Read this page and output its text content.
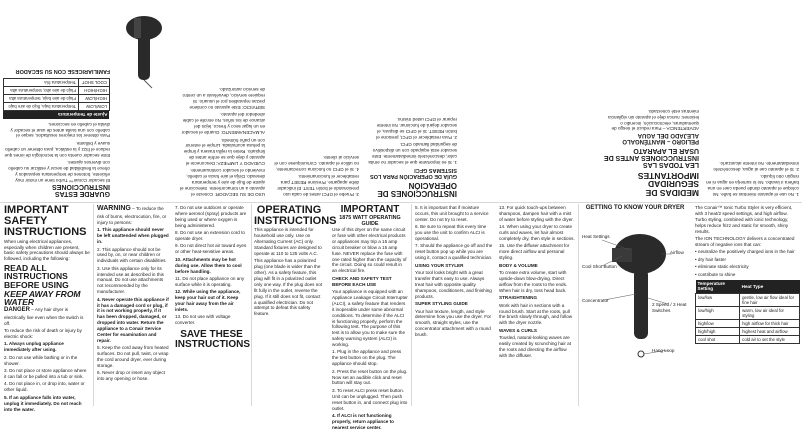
GUARDE ESTAS INSTRUCCIONES

El secador Conair™ Turbo tiene un motor muy eficiente, botones de temperatura separados y ofrece la flexibilidad de secar y estilizar su cabello con diversos ajustes.

Este secador cuenta con la tecnología de iones que reduce el frizz y la estática, para obtener un cabello suave y brillante.

Para obtener los mejores resultados, seque el cabello con una toalla antes de usar el secador y divida el cabello en secciones.

Ajuste de Temperatura	
LOW/LOW	Temperatura baja, flujo de aire bajo
HIGH/LOW	Flujo de aire bajo, temperatura alta
HIGH/HIGH	Flujo de aire alto, temperatura alta
COOL SHOT	Temperatura fría
FAMILIARICESE CON SU SECADOR

USO DE SU SECADOR: Conecte el aparato a un tomacorriente. Seleccione el ajuste de flujo de aire y temperatura deseado. Dirija el aire hacia el cabello, moviendo el secador continuamente.

CUIDADO Y LIMPIEZA: Desconecte el aparato y deje que se enfríe antes de limpiarlo. Retire la rejilla trasera y limpie la pelusa acumulada. Limpie el exterior con un paño húmedo.

ALMACENAMIENTO: Guarde el secador en un lugar seco y fresco, lejos del alcance de los niños. No enrolle el cable alrededor del aparato.

SERVICIO: Este aparato no contiene piezas reparables por el usuario. Si requiere servicio, devuélvalo a un centro de servicio autorizado.

3. Pruebe el GFCI antes de cada uso presionando el botón TEST. El indicador debe apagarse. Presione RESET para restablecer el funcionamiento.

4. Si el GFCI no funciona correctamente, no utilice el aparato. Comuníquese con el servicio al cliente.

INSTRUCCIONES DE OPERACIÓN
GUÍA DE OPERACIÓN PARA LOS SISTEMAS GFCI

1. Si es importante que el secador no emita calor, desconéctelo inmediatamente. Este secador está equipado con un dispositivo de seguridad llamado GFCI.

2. Para restablecer el GFCI, presione el botón RESET. Si el GFCI se dispara, el secador dejará de funcionar. No intente reparar el GFCI usted mismo.

1. No use el aparato mientras se bañe. No coloque el aparato donde pueda caer en una bañera o lavabo. No lo sumerja en agua ni en ningún otro líquido.

2. Si el aparato cae al agua, desconéctelo inmediatamente. No intente alcanzarlo.

MEDIDAS DE SEGURIDAD IMPORTANTES
LEA TODAS LAS INSTRUCCIONES ANTES DE USAR EL APARATO
PELIGRO – MANTÉNGALO ALEJADO DEL AGUA

ADVERTENCIA – Para reducir el riesgo de quemaduras, electrocución, incendio o lesiones: nunca deje el aparato sin vigilancia mientras esté conectado.

IMPORTANT SAFETY INSTRUCTIONS

When using electrical appliances, especially when children are present, basic safety precautions should always be followed, including the following:

READ ALL INSTRUCTIONS BEFORE USING
KEEP AWAY FROM WATER

DANGER – Any hair dryer is electrically live even when the switch is off.

To reduce the risk of death or injury by electric shock:

1. Always unplug appliance immediately after using.

2. Do not use while bathing or in the shower.

3. Do not place or store appliance where it can fall or be pulled into a tub or sink.

4. Do not place in, or drop into, water or other liquid.

5. If an appliance falls into water, unplug it immediately. Do not reach into the water.

WARNING – To reduce the risk of burns, electrocution, fire, or injury to persons:

1. This appliance should never be left unattended when plugged in.

2. This appliance should not be used by, on, or near children or individuals with certain disabilities.

3. Use this appliance only for its intended use as described in this manual. Do not use attachments not recommended by the manufacturer.

4. Never operate this appliance if it has a damaged cord or plug, if it is not working properly, if it has been dropped, damaged, or dropped into water. Return the appliance to a Conair Service Center for examination and repair.

5. Keep the cord away from heated surfaces. Do not pull, twist, or wrap the cord around dryer, ever during storage.

6. Never drop or insert any object into any opening or hose.

7. Do not use outdoors or operate where aerosol (spray) products are being used or where oxygen is being administered.

8. Do not use an extension cord to operate dryer.

9. Do not direct hot air toward eyes or other heat-sensitive areas.

10. Attachments may be hot during use. Allow them to cool before handling.

11. Do not place appliance on any surface while it is operating.

12. While using the appliance, keep your hair out of it. Keep your hair away from the air inlets.

13. Do not use with voltage converter.

SAVE THESE INSTRUCTIONS
OPERATING INSTRUCTIONS

This appliance is intended for household use only. Use on Alternating Current (AC) only. Standard fixtures are designed to operate at 110 to 125 volts A.C.

This appliance has a polarized plug (one blade is wider than the other). As a safety feature, this plug will fit in a polarized outlet only one way. If the plug does not fit fully in the outlet, reverse the plug. If it still does not fit, contact a qualified electrician. Do not attempt to defeat this safety feature.

IMPORTANT
1875 WATT OPERATING GUIDE

Use of this dryer on the same circuit or fuse with other electrical products or appliances may trip a 15 amp circuit breaker or blow a 15 amp fuse. NEVER replace the fuse with one rated higher than the capacity of the circuit. Doing so could result in an electrical fire.

CHECK AND SAFETY TEST BEFORE EACH USE

Your appliance is equipped with an Appliance Leakage Circuit Interrupter (ALCI), a safety feature that renders it inoperable under some abnormal conditions. To determine if the ALCI is functioning properly, perform the following test. The purpose of this test is to allow you to make sure the safety warning system (ALCI) is working.

1. Plug in the appliance and press the test button on the plug. The appliance should stop.

2. Press the reset button on the plug. Now set an audible click and reset button will stay out.

3. To reset ALCI press reset button. Unit can be unplugged. Then push reset button in, and connect plug into outlet.

4. If ALCI is not functioning properly, return appliance to nearest service center.

5. It is important that if moisture occurs, this unit brought to a service center. Do not try to reset.

6. Be sure to repeat this every time you use the unit to confirm ALCI is operational.

7. Should the appliance go off and the reset button pop up while you are using it, contact a qualified technician.

USING YOUR STYLER

Your tool looks bright with a great transfer that's easy to use. Always treat hair with opposite quality shampoos, conditioners, and finishing products.

SUPER STYLING GUIDE

Your hair texture, length, and style determine how you use the dryer. For smooth, straight styles, use the concentrator attachment with a round brush.

13. For quick touch-ups between shampoos, dampen hair with a mist of water before styling with the dryer.

14. When using your dryer to create curls and waves, let hair almost completely dry, then style in sections.

15. Use the diffuser attachment for more direct airflow and personal styling.

BODY & VOLUME

To create extra volume, start with upside-down blow-drying. Direct airflow from the roots to the ends. When hair is dry, toss head back.

STRAIGHTENING

Work with hair in sections with a round brush. Start at the roots, pull the brush slowly through, and follow with the dryer nozzle.

WAVES & CURLS

Tousled, natural-looking waves are easily created by scrunching hair at the roots and directing the airflow with the diffuser.

GETTING TO KNOW YOUR DRYER
Heat Settings
Cool Shot Button
Airflow
Concentrator
2 Speed / 3 Heat Switches
Hang Loop

The Conair™ Ionic Turbo Styler is very efficient, with 3 heat/2 speed settings, and high airflow. Turbo styling, combined with ionic technology, helps reduce frizz and static for smooth, shiny results.

The ION TECHNOLOGY delivers a concentrated stream of negative ions that can:

• neutralize the positively charged ions in the hair

• dry hair faster

• eliminate static electricity

• contribute to shine

Temperature Setting	Heat Type
low/low	gentle, low air flow ideal for fine hair
low/high	warm, low air ideal for styling
high/low	high airflow for thick hair
high/high	highest heat and airflow
cool shot	cold air to set the style
